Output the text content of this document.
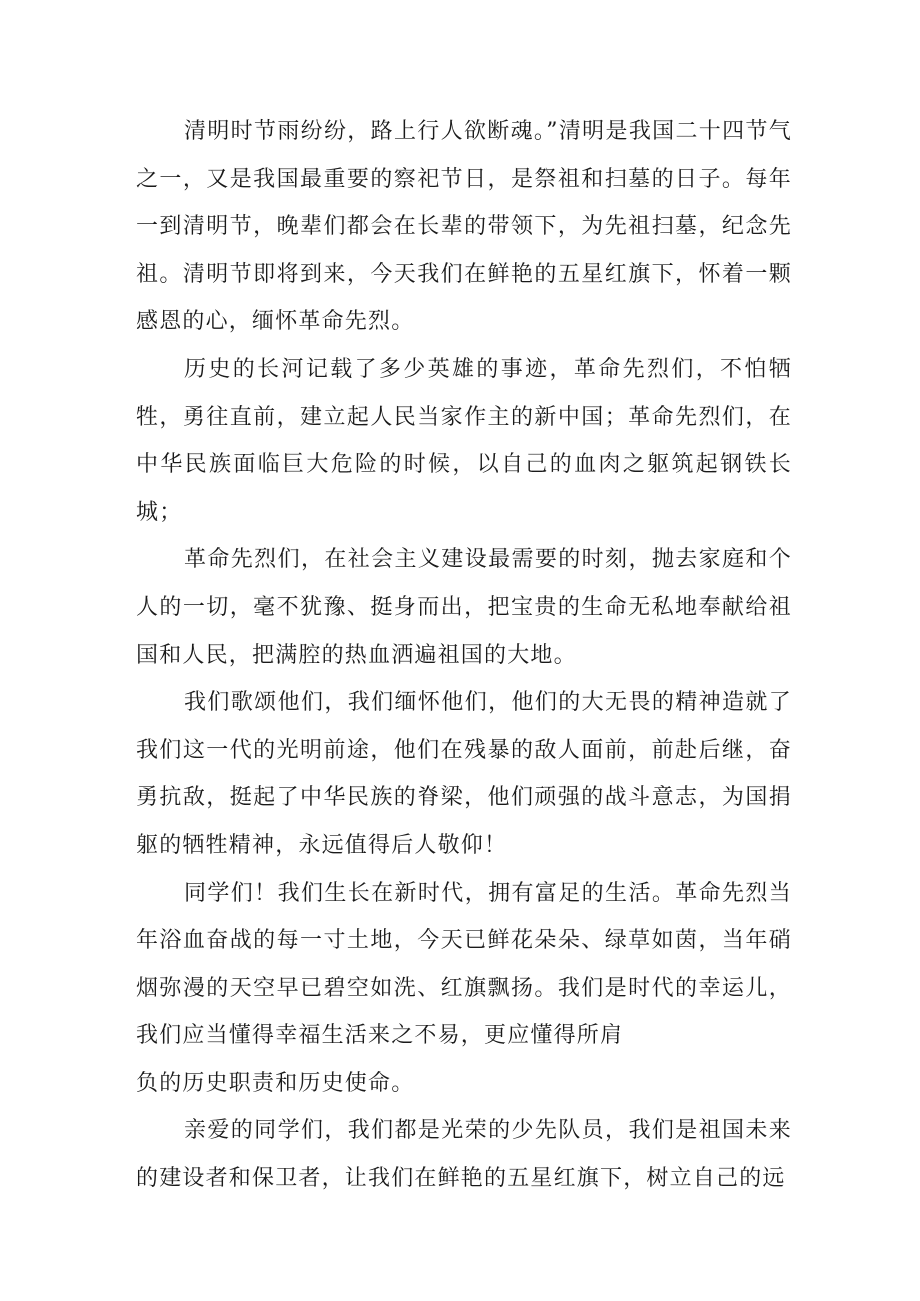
清明时节雨纷纷，路上行人欲断魂。”清明是我国二十四节气之一，又是我国最重要的察祀节日，是祭祖和扫墓的日子。每年一到清明节，晚辈们都会在长辈的带领下，为先祖扫墓，纪念先祖。清明节即将到来，今天我们在鲜艳的五星红旗下，怀着一颗感恩的心，缅怀革命先烈。

历史的长河记载了多少英雄的事迹，革命先烈们，不怕牺牲，勇往直前，建立起人民当家作主的新中国；革命先烈们，在中华民族面临巨大危险的时候，以自己的血肉之躯筑起钢铁长城；

革命先烈们，在社会主义建设最需要的时刻，抛去家庭和个人的一切，毫不犹豫、挺身而出，把宝贵的生命无私地奉献给祖国和人民，把满腔的热血洒遍祖国的大地。

我们歌颂他们，我们缅怀他们，他们的大无畏的精神造就了我们这一代的光明前途，他们在残暴的敌人面前，前赴后继，奋勇抗敌，挺起了中华民族的脊梁，他们顽强的战斗意志，为国捐躯的牺牲精神，永远值得后人敬仰！

同学们！我们生长在新时代，拥有富足的生活。革命先烈当年浴血奋战的每一寸土地，今天已鲜花朵朵、绿草如茵，当年硝烟弥漫的天空早已碧空如洗、红旗飘扬。我们是时代的幸运儿，我们应当懂得幸福生活来之不易，更应懂得所肩
负的历史职责和历史使命。

亲爱的同学们，我们都是光荣的少先队员，我们是祖国未来的建设者和保卫者，让我们在鲜艳的五星红旗下，树立自己的远
